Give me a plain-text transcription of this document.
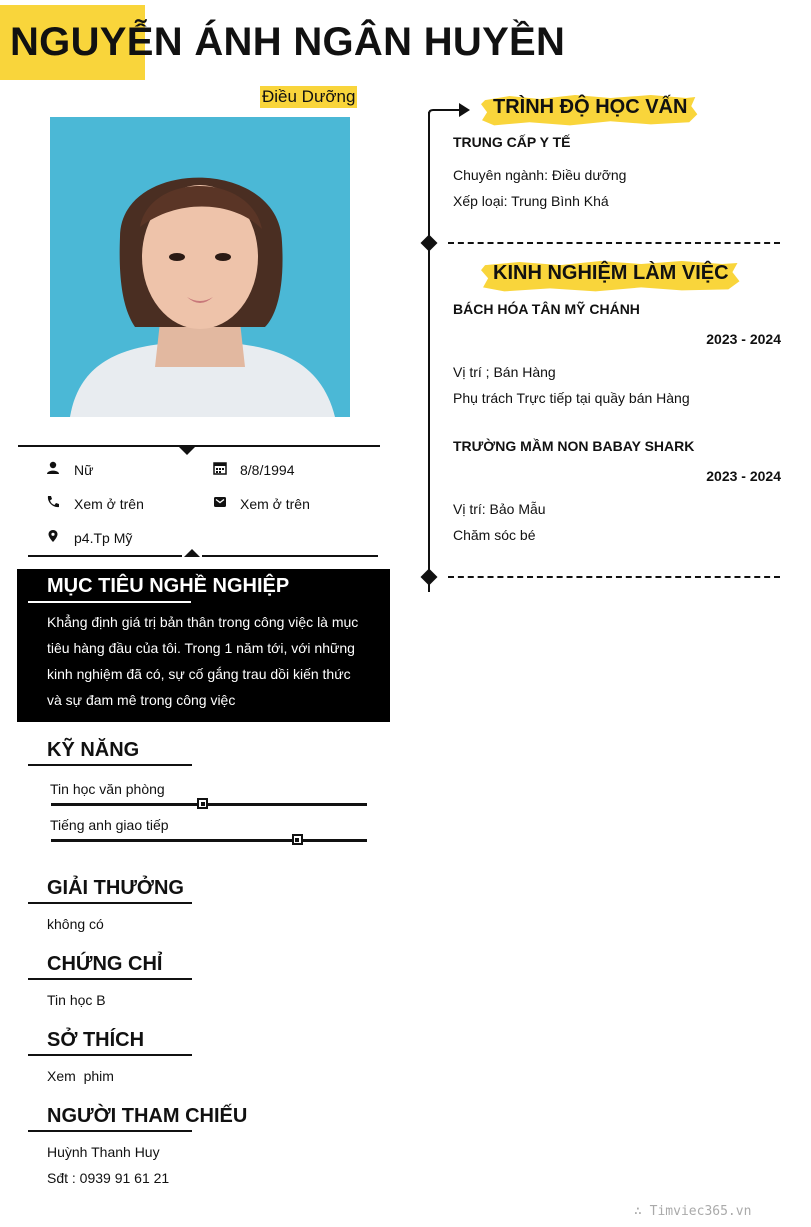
NGUYỄN ÁNH NGÂN HUYỀN
Điều Dưỡng
Nữ	8/8/1994
Xem ở trên	Xem ở trên
p4.Tp Mỹ
MỤC TIÊU NGHỀ NGHIỆP

Khẳng định giá trị bản thân trong công việc là mục tiêu hàng đầu của tôi. Trong 1 năm tới, với những kinh nghiệm đã có, sự cố gắng trau dồi kiến thức và sự đam mê trong công việc

KỸ NĂNG
Tin học văn phòng
Tiếng anh giao tiếp
GIẢI THƯỞNG
không có
CHỨNG CHỈ
Tin học B
SỞ THÍCH
Xem  phim
NGƯỜI THAM CHIẾU
Huỳnh Thanh Huy
Sđt : 0939 91 61 21
TRÌNH ĐỘ HỌC VẤN
TRUNG CẤP Y TẾ
Chuyên ngành: Điều dưỡng
Xếp loại: Trung Bình Khá
KINH NGHIỆM LÀM VIỆC
BÁCH HÓA TÂN MỸ CHÁNH
2023 - 2024
Vị trí ; Bán Hàng
Phụ trách Trực tiếp tại quầy bán Hàng
TRƯỜNG MẦM NON BABAY SHARK
2023 - 2024
Vị trí: Bảo Mẫu
Chăm sóc bé
∴ Timviec365.vn
